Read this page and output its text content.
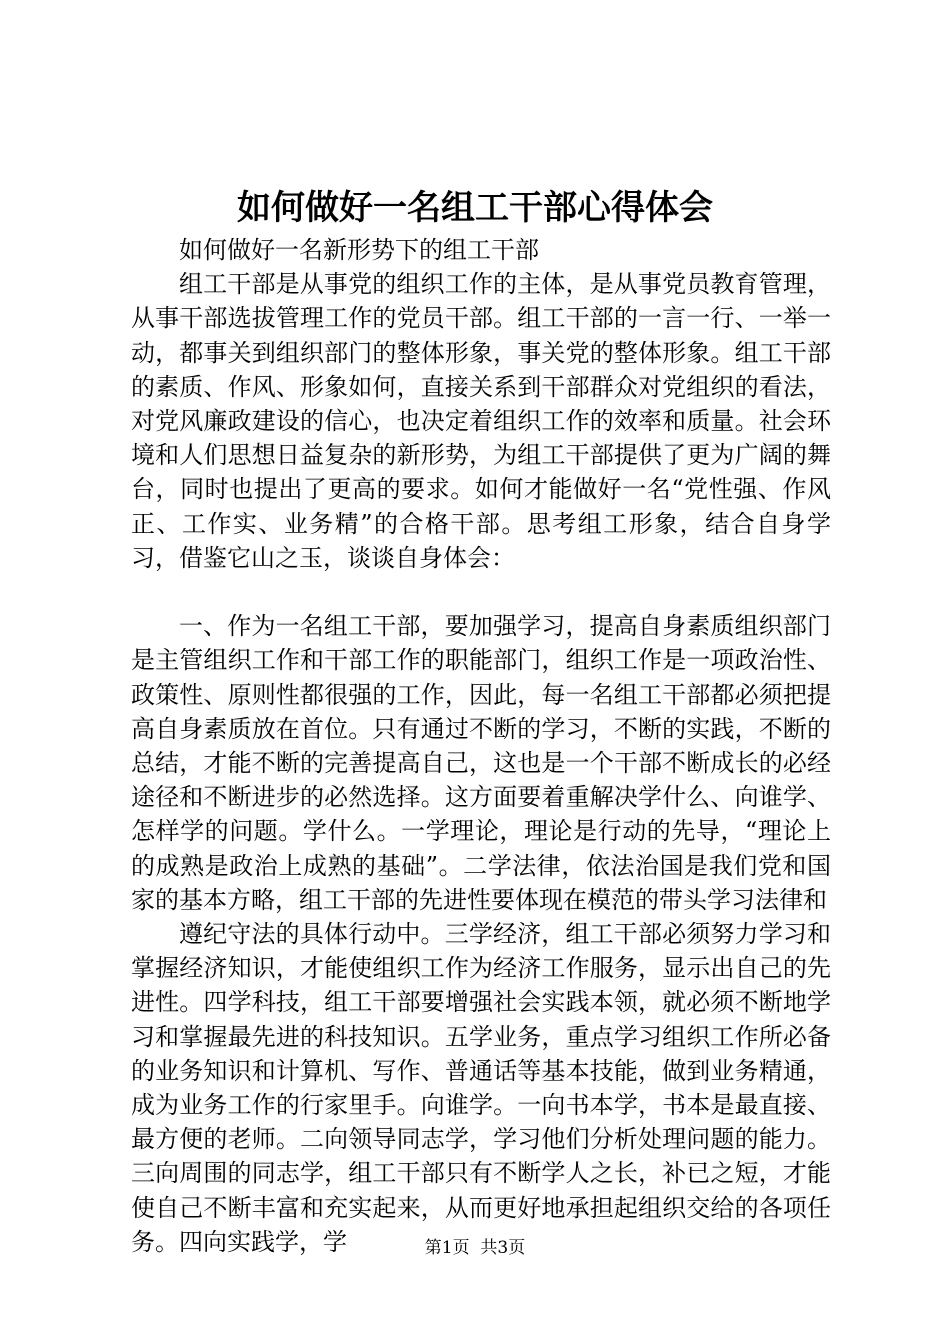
如何做好一名组工干部心得体会

如何做好一名新形势下的组工干部

组工干部是从事党的组织工作的主体，是从事党员教育管理，从事干部选拔管理工作的党员干部。组工干部的一言一行、一举一动，都事关到组织部门的整体形象，事关党的整体形象。组工干部的素质、作风、形象如何，直接关系到干部群众对党组织的看法，对党风廉政建设的信心，也决定着组织工作的效率和质量。社会环境和人们思想日益复杂的新形势，为组工干部提供了更为广阔的舞台，同时也提出了更高的要求。如何才能做好一名“党性强、作风正、工作实、业务精”的合格干部。思考组工形象，结合自身学习，借鉴它山之玉，谈谈自身体会：

一、作为一名组工干部，要加强学习，提高自身素质组织部门是主管组织工作和干部工作的职能部门，组织工作是一项政治性、政策性、原则性都很强的工作，因此，每一名组工干部都必须把提高自身素质放在首位。只有通过不断的学习，不断的实践，不断的总结，才能不断的完善提高自己，这也是一个干部不断成长的必经途径和不断进步的必然选择。这方面要着重解决学什么、向谁学、怎样学的问题。学什么。一学理论，理论是行动的先导，“理论上的成熟是政治上成熟的基础”。二学法律，依法治国是我们党和国家的基本方略，组工干部的先进性要体现在模范的带头学习法律和

遵纪守法的具体行动中。三学经济，组工干部必须努力学习和掌握经济知识，才能使组织工作为经济工作服务，显示出自己的先进性。四学科技，组工干部要增强社会实践本领，就必须不断地学习和掌握最先进的科技知识。五学业务，重点学习组织工作所必备的业务知识和计算机、写作、普通话等基本技能，做到业务精通，成为业务工作的行家里手。向谁学。一向书本学，书本是最直接、最方便的老师。二向领导同志学，学习他们分析处理问题的能力。三向周围的同志学，组工干部只有不断学人之长，补已之短，才能使自己不断丰富和充实起来，从而更好地承担起组织交给的各项任务。四向实践学，学	第1页 共3页
